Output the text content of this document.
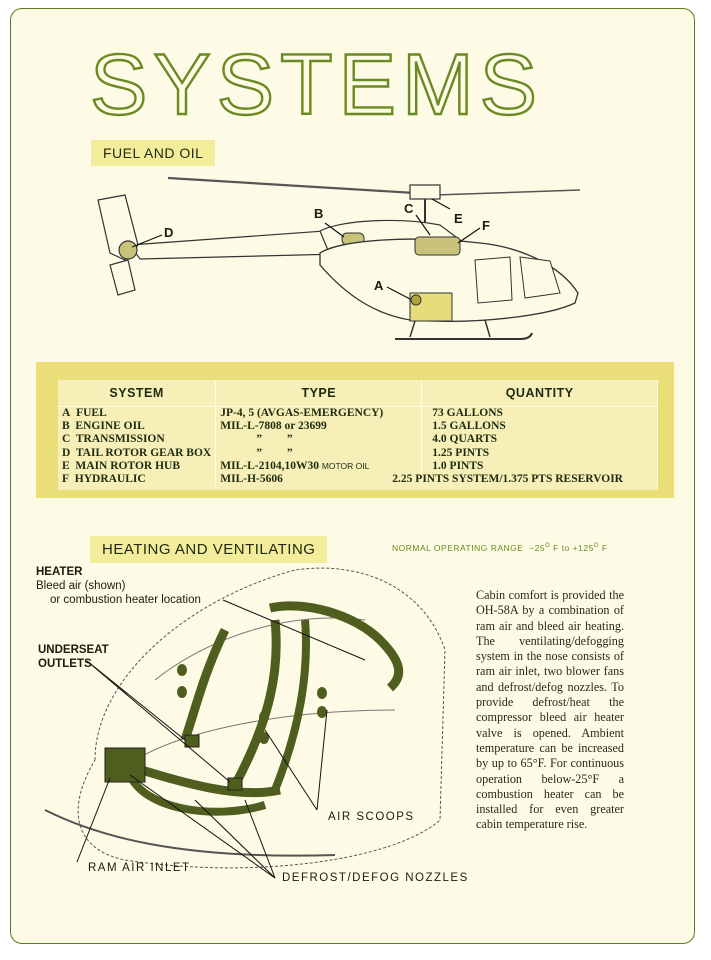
SYSTEMS
FUEL AND OIL
A
B	C
D
E F
SYSTEM	TYPE	QUANTITY
A FUEL	JP-4, 5 (AVGAS-EMERGENCY)	73 GALLONS
B ENGINE OIL	MIL-L-7808 or 23699	1.5 GALLONS
C TRANSMISSION	” ”	4.0 QUARTS
D TAIL ROTOR GEAR BOX	” ”	1.25 PINTS
E MAIN ROTOR HUB	MIL-L-2104,10W30 MOTOR OIL	1.0 PINTS
F HYDRAULIC	MIL-H-5606	2.25 PINTS SYSTEM/1.375 PTS RESERVOIR
HEATING AND VENTILATING	NORMAL OPERATING RANGE $-25^O$ F to $+125^O$ F
HEATER
Bleed air (shown)
or combustion heater location
UNDERSEAT
OUTLETS
AIR SCOOPS
RAM AIR INLET
DEFROST/DEFOG NOZZLES
Cabin comfort is provided the OH-58A by a combination of ram air and bleed air heating. The ventilating/defogging system in the nose consists of ram air inlet, two blower fans and defrost/defog nozzles. To provide defrost/heat the compressor bleed air heater valve is opened. Ambient temperature can be increased by up to 65°F. For continuous operation below-25°F a combustion heater can be installed for even greater cabin temperature rise.
